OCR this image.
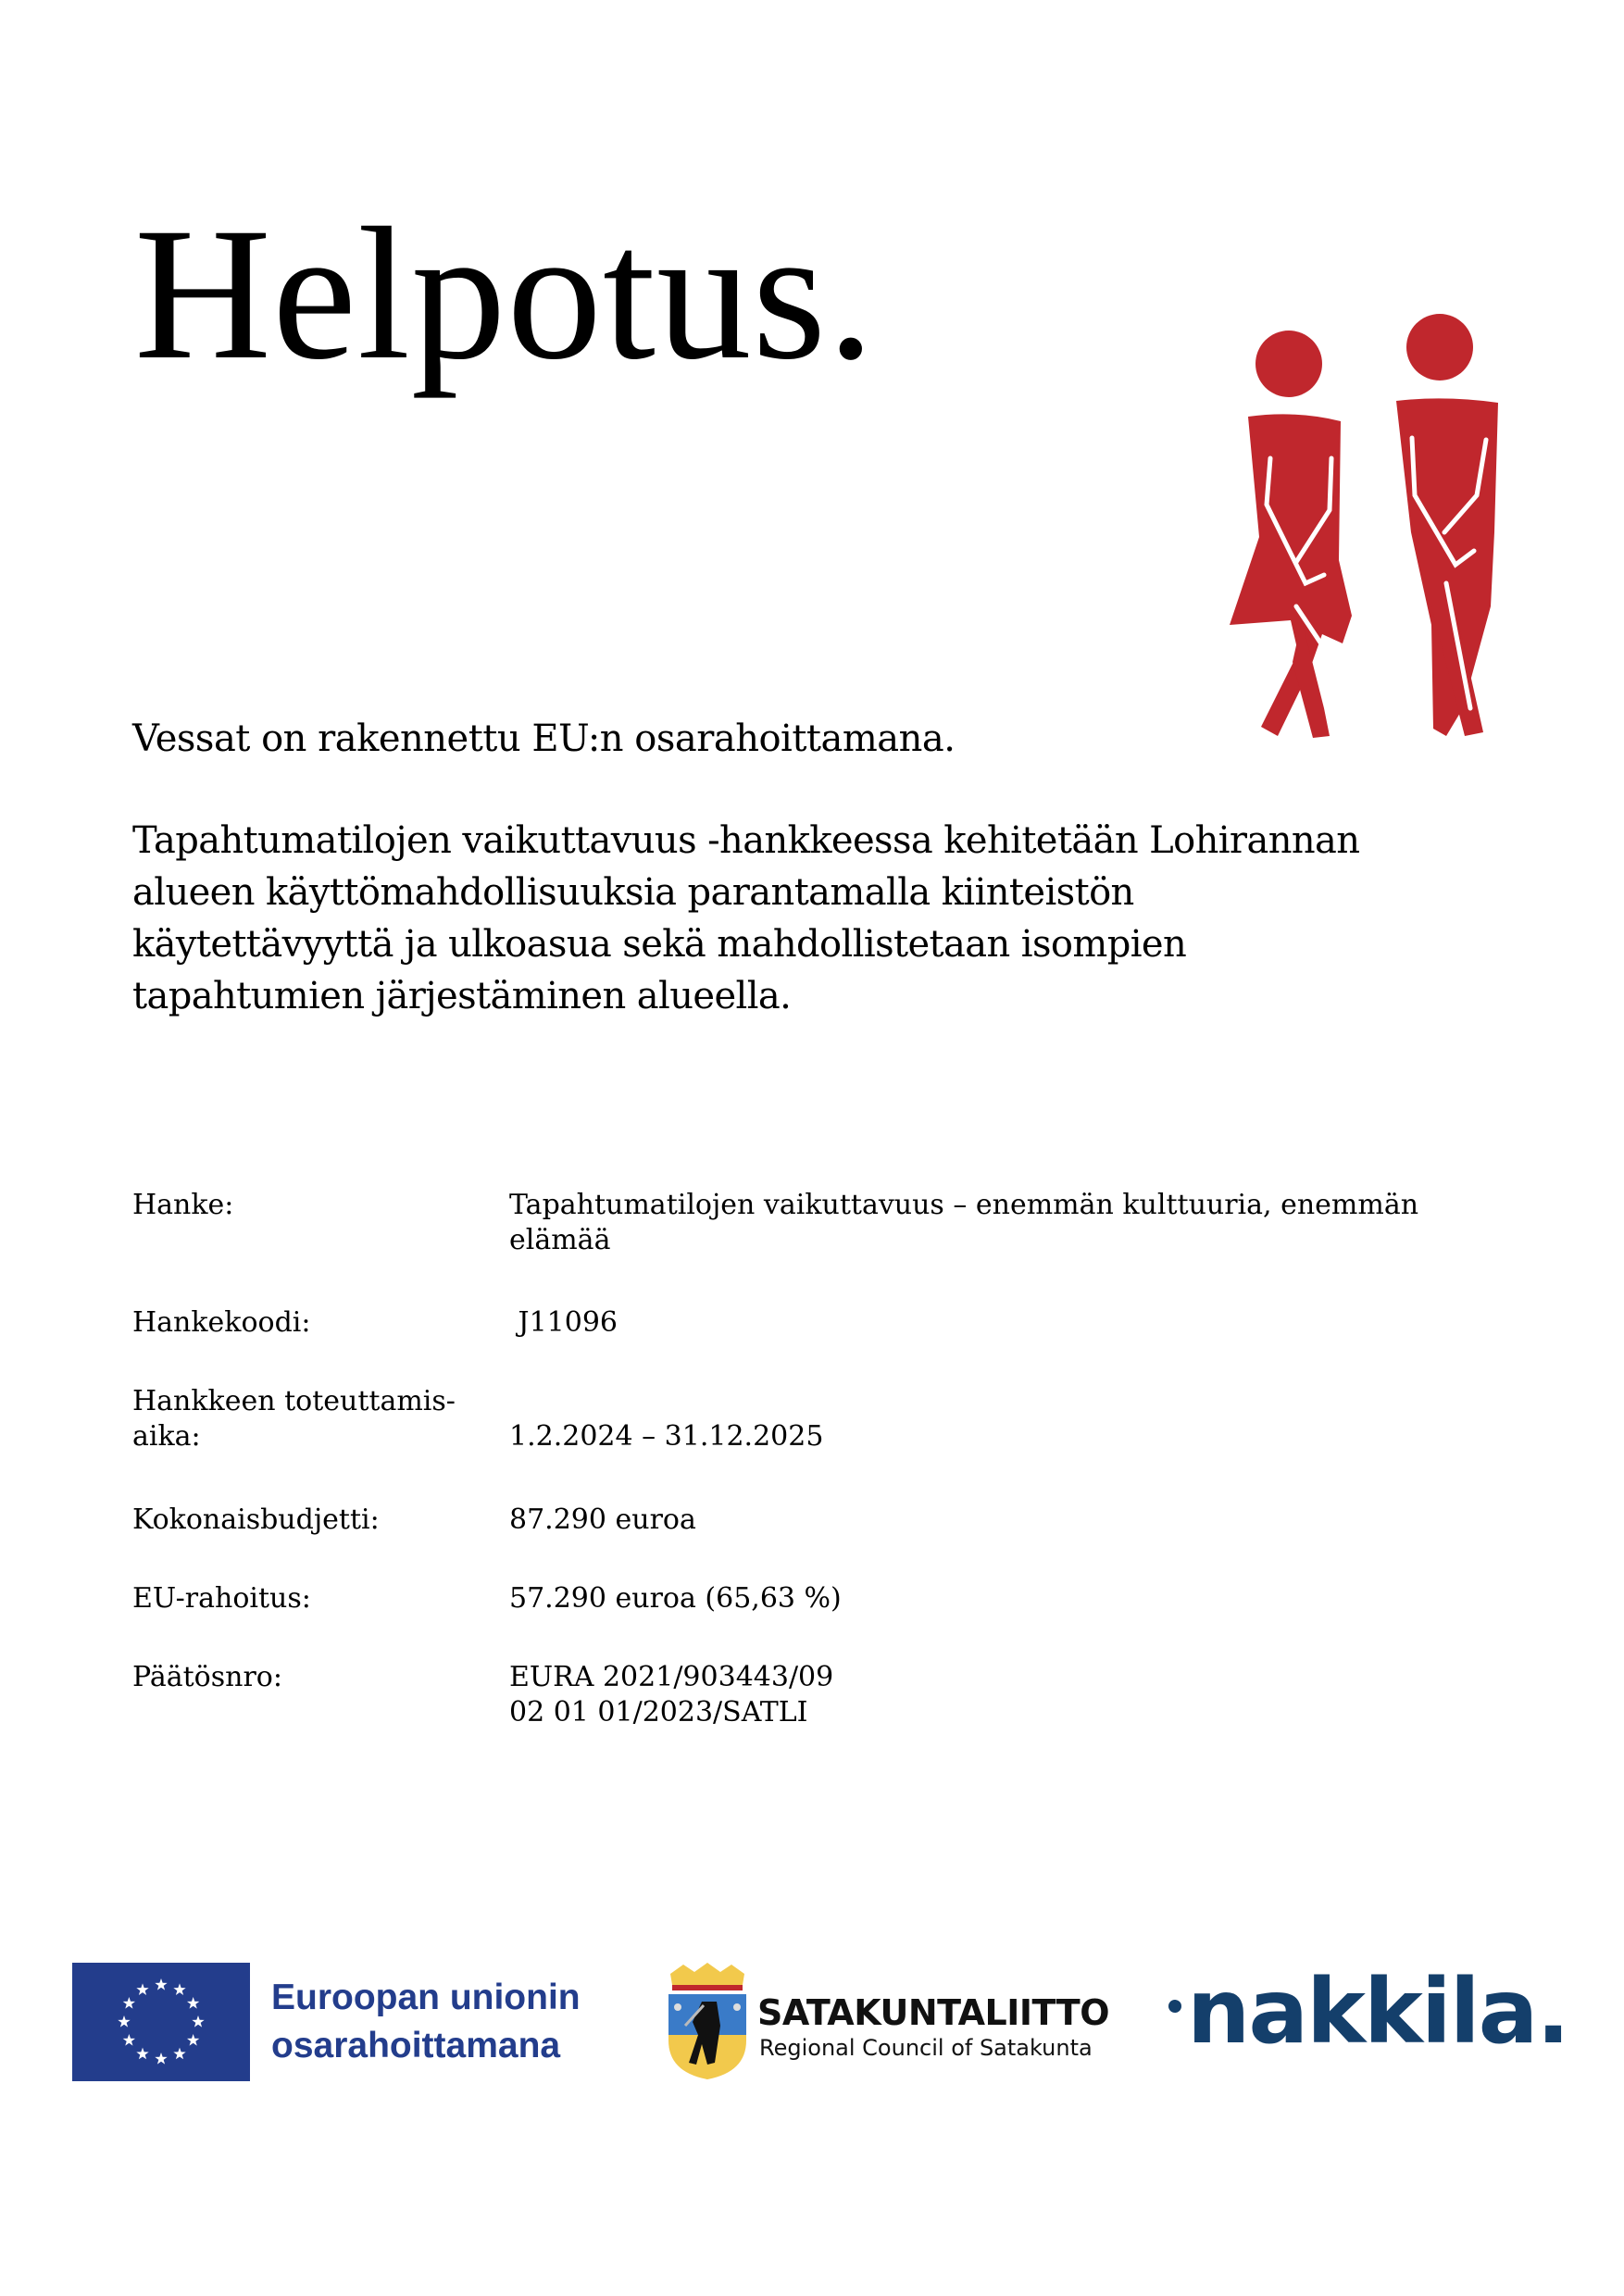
Helpotus.

Vessat on rakennettu EU:n osarahoittamana.

Tapahtumatilojen vaikuttavuus -hankkeessa kehitetään Lohirannan
alueen käyttömahdollisuuksia parantamalla kiinteistön
käytettävyyttä ja ulkoasua sekä mahdollistetaan isompien
tapahtumien järjestäminen alueella.

Hanke:	Tapahtumatilojen vaikuttavuus – enemmän kulttuuria, enemmän
elämää
Hankekoodi:	J11096
Hankkeen toteuttamis-
aika:	1.2.2024 – 31.12.2025
Kokonaisbudjetti:	87.290 euroa
EU-rahoitus:	57.290 euroa (65,63 %)
Päätösnro:	EURA 2021/903443/09
02 01 01/2023/SATLI
Euroopan unionin
osarahoittamana
SATAKUNTALIITTO
Regional Council of Satakunta nakkila.
